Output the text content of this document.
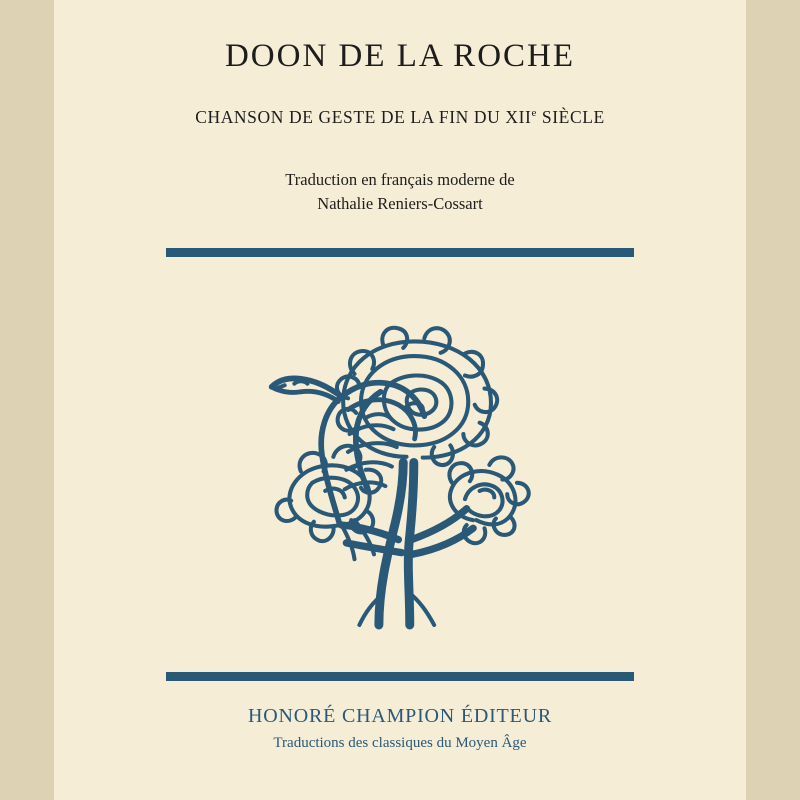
DOON DE LA ROCHE
CHANSON DE GESTE DE LA FIN DU XIIe SIÈCLE
Traduction en français moderne de
Nathalie Reniers-Cossart
HONORÉ CHAMPION ÉDITEUR
Traductions des classiques du Moyen Âge
